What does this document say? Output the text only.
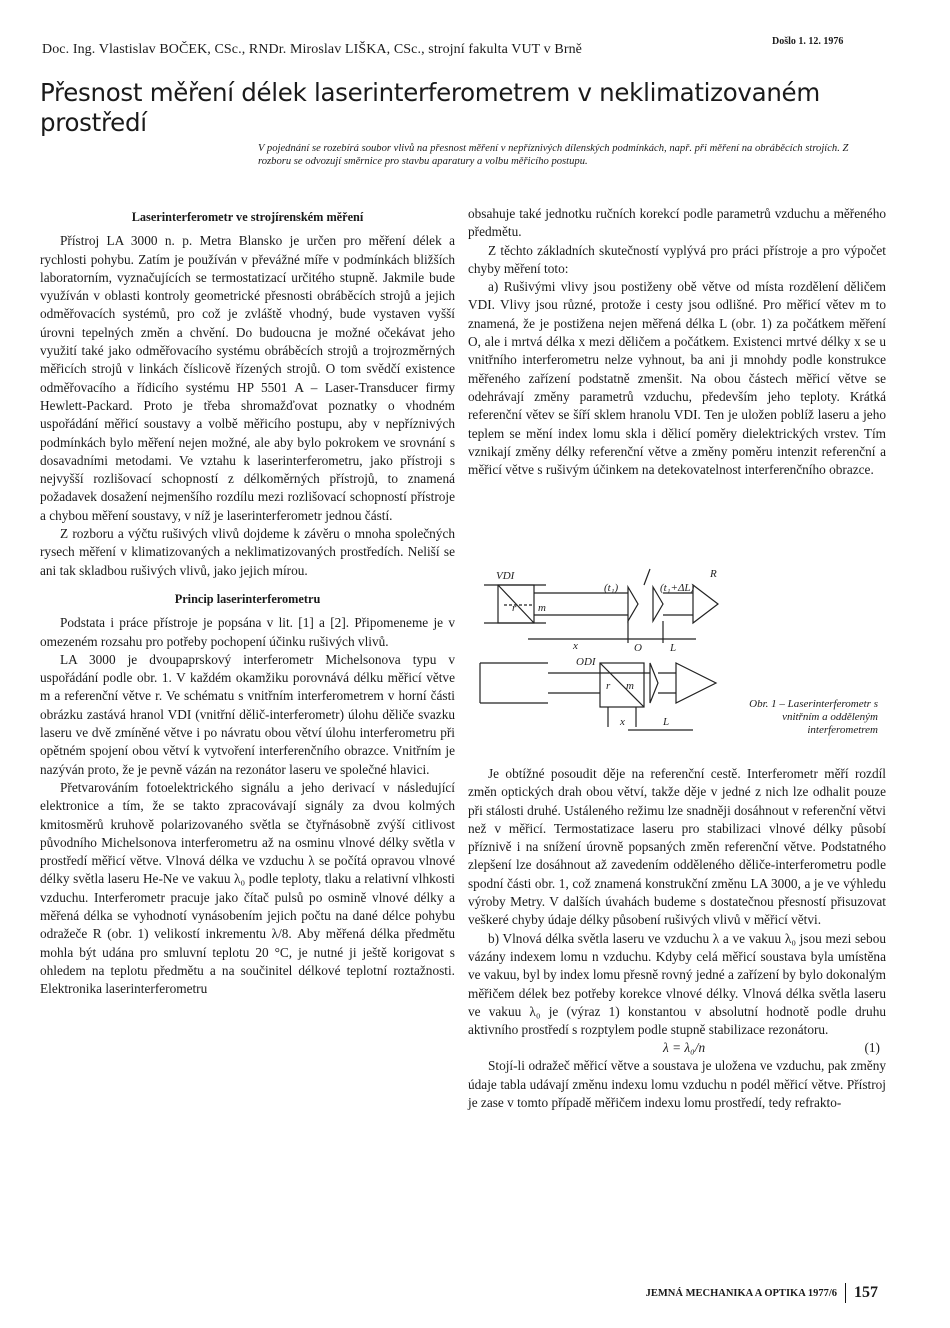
Doc. Ing. Vlastislav BOČEK, CSc., RNDr. Miroslav LIŠKA, CSc., strojní fakulta VUT v Brně
Došlo 1. 12. 1976
Přesnost měření délek laserinterferometrem v neklimatizovaném prostředí

V pojednání se rozebírá soubor vlivů na přesnost měření v nepříznivých dílenských podmínkách, např. při měření na obráběcích strojích. Z rozboru se odvozují směrnice pro stavbu aparatury a volbu měřicího postupu.

Laserinterferometr ve strojírenském měření

Přístroj LA 3000 n. p. Metra Blansko je určen pro měření délek a rychlosti pohybu. Zatím je používán v převážné míře v podmínkách bližších laboratorním, vyznačujících se termostatizací určitého stupně. Jakmile bude využíván v oblasti kontroly geometrické přesnosti obráběcích strojů a jejich odměřovacích systémů, pro což je zvláště vhodný, bude vystaven vyšší úrovni tepelných změn a chvění. Do budoucna je možné očekávat jeho využití také jako odměřovacího systému obráběcích strojů a trojrozměrných měřicích strojů v linkách číslicově řízených strojů. O tom svědčí existence odměřovacího a řídicího systému HP 5501 A – Laser-Transducer firmy Hewlett-Packard. Proto je třeba shromažďovat poznatky o vhodném uspořádání měřicí soustavy a volbě měřicího postupu, aby v nepříznivých podmínkách bylo měření nejen možné, ale aby bylo pokrokem ve srovnání s dosavadními metodami. Ve vztahu k laserinterferometru, jako přístroji s nejvyšší rozlišovací schopností z délkoměrných přístrojů, to znamená požadavek dosažení nejmenšího rozdílu mezi rozlišovací schopností přístroje a chybou měření soustavy, v níž je laserinterferometr jednou částí.

Z rozboru a výčtu rušivých vlivů dojdeme k závěru o mnoha společných rysech měření v klimatizovaných a neklimatizovaných prostředích. Neliší se ani tak skladbou rušivých vlivů, jako jejich mírou.

Princip laserinterferometru

Podstata i práce přístroje je popsána v lit. [1] a [2]. Připomeneme je v omezeném rozsahu pro potřeby pochopení účinku rušivých vlivů.

LA 3000 je dvoupaprskový interferometr Michelsonova typu v uspořádání podle obr. 1. V každém okamžiku porovnává délku měřicí větve m a referenční větve r. Ve schématu s vnitřním interferometrem v horní části obrázku zastává hranol VDI (vnitřní dělič-interferometr) úlohu děliče svazku laseru ve dvě zmíněné větve i po návratu obou větví úlohu interferometru při opětném spojení obou větví k vytvoření interferenčního obrazce. Vnitřním je nazýván proto, že je pevně vázán na rezonátor laseru ve společné hlavici.

Přetvarováním fotoelektrického signálu a jeho derivací v následující elektronice a tím, že se takto zpracovávají signály za dvou kolmých kmitosměrů kruhově polarizovaného světla se čtyřnásobně zvýší citlivost původního Michelsonova interferometru až na osminu vlnové délky světla v prostředí měřicí větve. Vlnová délka ve vzduchu λ se počítá opravou vlnové délky světla laseru He-Ne ve vakuu λ₀ podle teploty, tlaku a relativní vlhkosti vzduchu. Interferometr pracuje jako čítač pulsů po osmině vlnové délky a měřená délka se vyhodnotí vynásobením jejich počtu na dané délce pohybu odražeče R (obr. 1) velikostí inkrementu λ/8. Aby měřená délka předmětu mohla být udána pro smluvní teplotu 20 °C, je nutné ji ještě korigovat s ohledem na teplotu předmětu a na součinitel délkové teplotní roztažnosti. Elektronika laserinterferometru

obsahuje také jednotku ručních korekcí podle parametrů vzduchu a měřeného předmětu.

Z těchto základních skutečností vyplývá pro práci přístroje a pro výpočet chyby měření toto:

a) Rušivými vlivy jsou postiženy obě větve od místa rozdělení děličem VDI. Vlivy jsou různé, protože i cesty jsou odlišné. Pro měřicí větev m to znamená, že je postižena nejen měřená délka L (obr. 1) za počátkem měření O, ale i mrtvá délka x mezi děličem a počátkem. Existenci mrtvé délky x se u vnitřního interferometru nelze vyhnout, ba ani ji mnohdy podle konstrukce měřeného zařízení podstatně zmenšit. Na obou částech měřicí větve se odehrávají změny parametrů vzduchu, především jeho teploty. Krátká referenční větev se šíří sklem hranolu VDI. Ten je uložen poblíž laseru a jeho teplem se mění index lomu skla i dělicí poměry dielektrických vrstev. Tím vznikají změny délky referenční větve a změny poměru intenzit referenční a měřicí větve s rušivým účinkem na detekovatelnost interferenčního obrazce.

VDI
r m
x
(t₁)	(t₁+ΔL)
R
O	L
ODI
r m
x	L
Obr. 1 – Laserinterferometr s vnitřním a odděleným interferometrem

Je obtížné posoudit děje na referenční cestě. Interferometr měří rozdíl změn optických drah obou větví, takže děje v jedné z nich lze odhalit pouze při stálosti druhé. Ustáleného režimu lze snadněji dosáhnout v referenční větvi než v měřicí. Termostatizace laseru pro stabilizaci vlnové délky působí příznivě i na snížení úrovně popsaných změn referenční větve. Podstatného zlepšení lze dosáhnout až zavedením odděleného děliče-interferometru podle spodní části obr. 1, což znamená konstrukční změnu LA 3000, a je ve výhledu výroby Metry. V dalších úvahách budeme s dostatečnou přesností přisuzovat veškeré chyby údaje délky působení rušivých vlivů v měřicí větvi.

b) Vlnová délka světla laseru ve vzduchu λ a ve vakuu λ₀ jsou mezi sebou vázány indexem lomu n vzduchu. Kdyby celá měřicí soustava byla umístěna ve vakuu, byl by index lomu přesně rovný jedné a zařízení by bylo dokonalým měřičem délek bez potřeby korekce vlnové délky. Vlnová délka světla laseru ve vakuu λ₀ je (výraz 1) konstantou v absolutní hodnotě podle druhu aktivního prostředí s rozptylem podle stupně stabilizace rezonátoru.

λ = λ₀/n	(1)

Stojí-li odražeč měřicí větve a soustava je uložena ve vzduchu, pak změny údaje tabla udávají změnu indexu lomu vzduchu n podél měřicí větve. Přístroj je zase v tomto případě měřičem indexu lomu prostředí, tedy refrakto-

JEMNÁ MECHANIKA A OPTIKA 1977/6 157
